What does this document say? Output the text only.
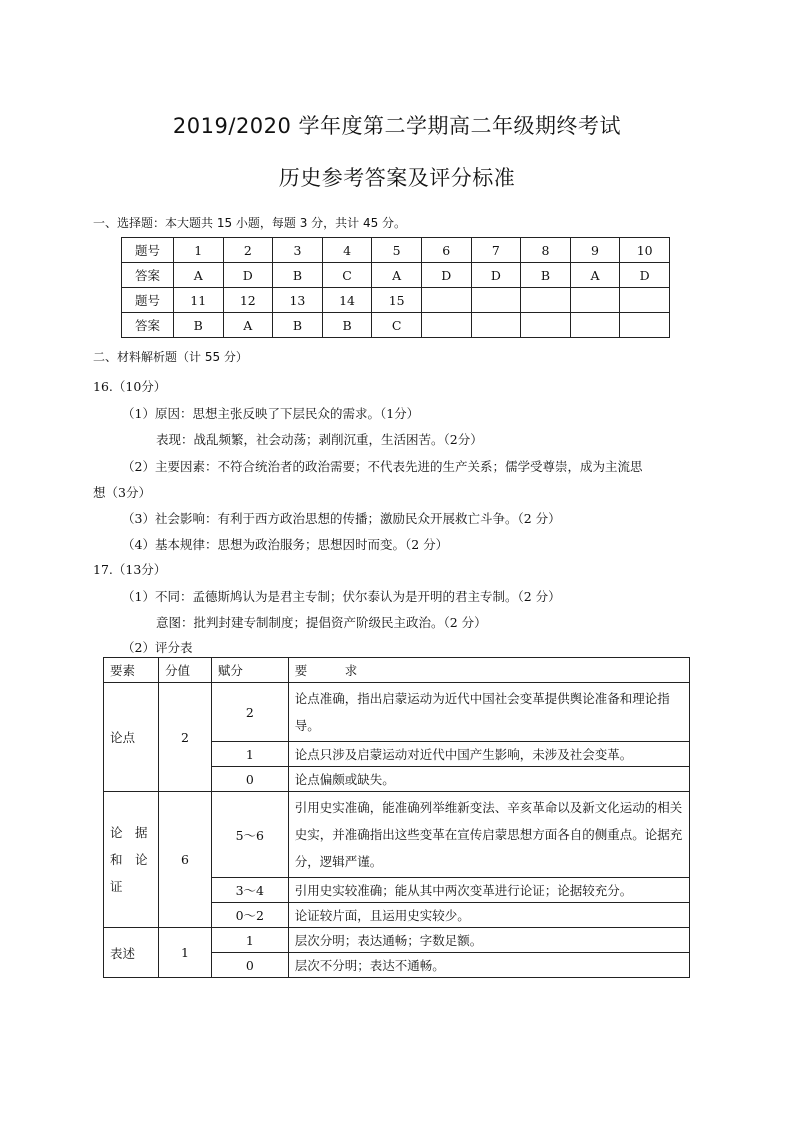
2019/2020 学年度第二学期高二年级期终考试
历史参考答案及评分标准
一、选择题：本大题共 15 小题，每题 3 分，共计 45 分。
题号	1	2	3	4	5	6	7	8	9	10
答案	A	D	B	C	A	D	D	B	A	D
题号	11	12	13	14	15					
答案	B	A	B	B	C					
二、材料解析题（计 55 分）
16.（10分）
（1）原因：思想主张反映了下层民众的需求。（1分）
表现：战乱频繁，社会动荡；剥削沉重，生活困苦。（2分）
（2）主要因素：不符合统治者的政治需要；不代表先进的生产关系；儒学受尊崇，成为主流思
想（3分）
（3）社会影响：有利于西方政治思想的传播；激励民众开展救亡斗争。（2 分）
（4）基本规律：思想为政治服务；思想因时而变。（2 分）
17.（13分）
（1）不同：孟德斯鸠认为是君主专制；伏尔泰认为是开明的君主专制。（2 分）
意图：批判封建专制制度；提倡资产阶级民主政治。（2 分）
（2）评分表
要素	分值	赋分	要　　　求
论点	2	2	论点准确，指出启蒙运动为近代中国社会变革提供舆论准备和理论指导。
		1	论点只涉及启蒙运动对近代中国产生影响，未涉及社会变革。
		0	论点偏颇或缺失。
论　据和　论证	6	5～6	引用史实准确，能准确列举维新变法、辛亥革命以及新文化运动的相关史实，并准确指出这些变革在宣传启蒙思想方面各自的侧重点。论据充分，逻辑严谨。
		3～4	引用史实较准确；能从其中两次变革进行论证；论据较充分。
		0～2	论证较片面，且运用史实较少。
表述	1	1	层次分明；表达通畅；字数足额。
		0	层次不分明；表达不通畅。
